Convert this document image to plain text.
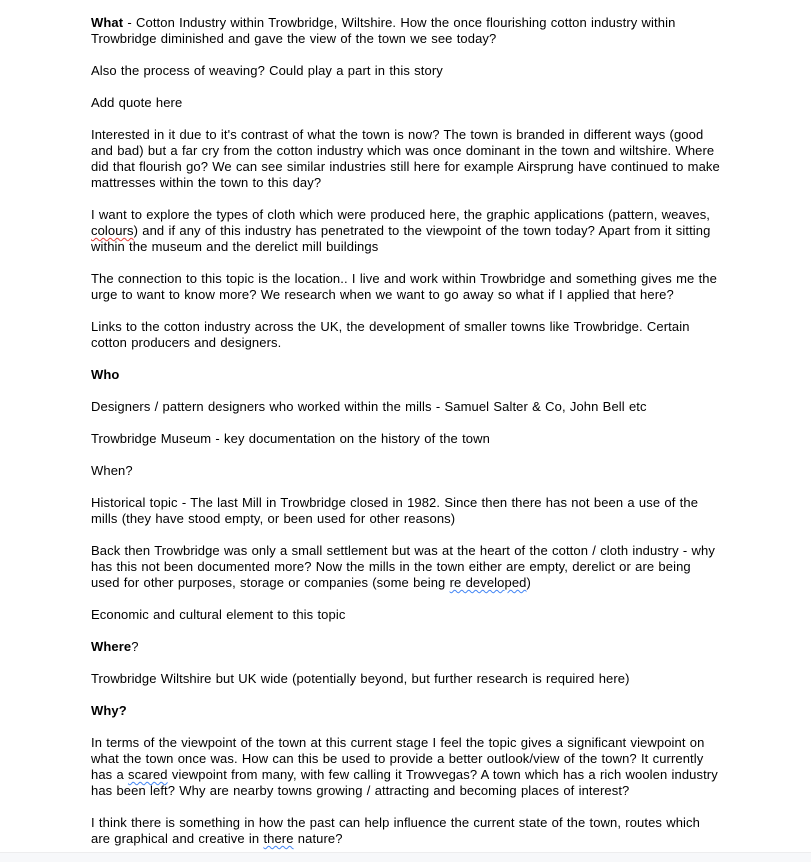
What - Cotton Industry within Trowbridge, Wiltshire. How the once flourishing cotton industry within Trowbridge diminished and gave the view of the town we see today?

Also the process of weaving? Could play a part in this story

Add quote here

Interested in it due to it's contrast of what the town is now? The town is branded in different ways (good and bad) but a far cry from the cotton industry which was once dominant in the town and wiltshire. Where did that flourish go? We can see similar industries still here for example Airsprung have continued to make mattresses within the town to this day?

I want to explore the types of cloth which were produced here, the graphic applications (pattern, weaves, colours) and if any of this industry has penetrated to the viewpoint of the town today? Apart from it sitting within the museum and the derelict mill buildings

The connection to this topic is the location.. I live and work within Trowbridge and something gives me the urge to want to know more? We research when we want to go away so what if I applied that here?

Links to the cotton industry across the UK, the development of smaller towns like Trowbridge. Certain cotton producers and designers.

Who

Designers / pattern designers who worked within the mills - Samuel Salter & Co, John Bell etc

Trowbridge Museum - key documentation on the history of the town

When?

Historical topic - The last Mill in Trowbridge closed in 1982. Since then there has not been a use of the mills (they have stood empty, or been used for other reasons)

Back then Trowbridge was only a small settlement but was at the heart of the cotton / cloth industry - why has this not been documented more? Now the mills in the town either are empty, derelict or are being used for other purposes, storage or companies (some being re developed)

Economic and cultural element to this topic

Where?

Trowbridge Wiltshire but UK wide (potentially beyond, but further research is required here)

Why?

In terms of the viewpoint of the town at this current stage I feel the topic gives a significant viewpoint on what the town once was. How can this be used to provide a better outlook/view of the town? It currently has a scared viewpoint from many, with few calling it Trowvegas? A town which has a rich woolen industry has been left? Why are nearby towns growing / attracting and becoming places of interest?

I think there is something in how the past can help influence the current state of the town, routes which are graphical and creative in there nature?
